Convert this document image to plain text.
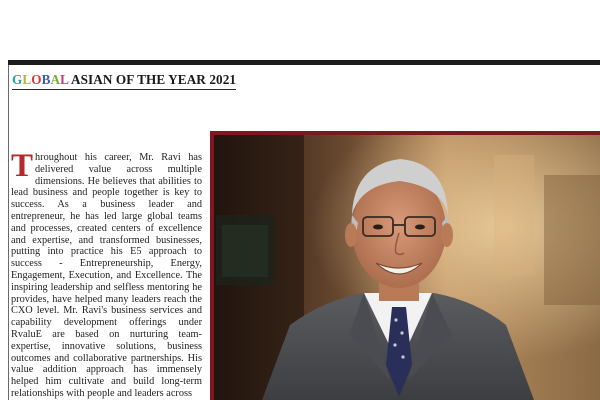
GLOBAL ASIAN OF THE YEAR 2021
Throughout his career, Mr. Ravi has delivered value across multiple dimensions. He believes that abilities to lead business and people together is key to success. As a business leader and entrepreneur, he has led large global teams and processes, created centers of excellence and expertise, and transformed businesses, putting into practice his E5 approach to success - Entrepreneurship, Energy, Engagement, Execution, and Excellence. The inspiring leadership and selfless mentoring he provides, have helped many leaders reach the CXO level. Mr. Ravi's business services and capability development offerings under RvaluE are based on nurturing team-expertise, innovative solutions, business outcomes and collaborative partnerships. His value addition approach has immensely helped him cultivate and build long-term relationships with people and leaders across
